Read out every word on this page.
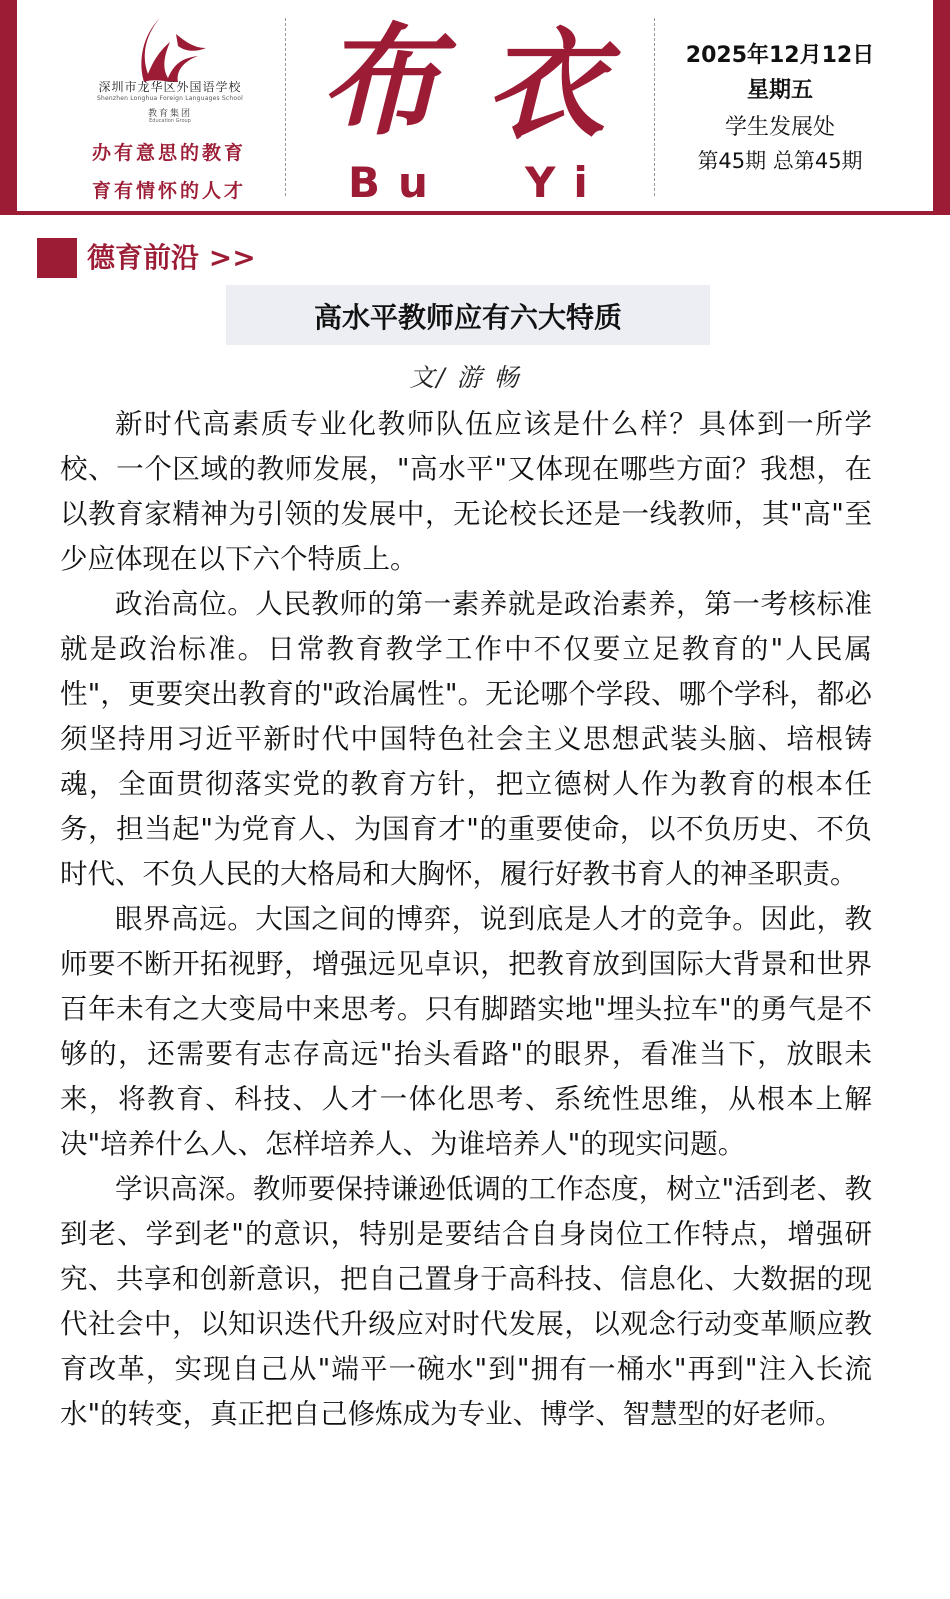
深圳市龙华区外国语学校
Shenzhen Longhua Foreign Languages School
教育集团
Education Group
办有意思的教育
育有情怀的人才
布 衣
Bu Yi
2025年12月12日
星期五
学生发展处
第45期 总第45期
德育前沿 >>
高水平教师应有六大特质
文/ 游 畅

新时代高素质专业化教师队伍应该是什么样？具体到一所学校、一个区域的教师发展，"高水平"又体现在哪些方面？我想，在以教育家精神为引领的发展中，无论校长还是一线教师，其"高"至少应体现在以下六个特质上。

政治高位。人民教师的第一素养就是政治素养，第一考核标准就是政治标准。日常教育教学工作中不仅要立足教育的"人民属性"，更要突出教育的"政治属性"。无论哪个学段、哪个学科，都必须坚持用习近平新时代中国特色社会主义思想武装头脑、培根铸魂，全面贯彻落实党的教育方针，把立德树人作为教育的根本任务，担当起"为党育人、为国育才"的重要使命，以不负历史、不负时代、不负人民的大格局和大胸怀，履行好教书育人的神圣职责。

眼界高远。大国之间的博弈，说到底是人才的竞争。因此，教师要不断开拓视野，增强远见卓识，把教育放到国际大背景和世界百年未有之大变局中来思考。只有脚踏实地"埋头拉车"的勇气是不够的，还需要有志存高远"抬头看路"的眼界，看准当下，放眼未来，将教育、科技、人才一体化思考、系统性思维，从根本上解决"培养什么人、怎样培养人、为谁培养人"的现实问题。

学识高深。教师要保持谦逊低调的工作态度，树立"活到老、教到老、学到老"的意识，特别是要结合自身岗位工作特点，增强研究、共享和创新意识，把自己置身于高科技、信息化、大数据的现代社会中，以知识迭代升级应对时代发展，以观念行动变革顺应教育改革，实现自己从"端平一碗水"到"拥有一桶水"再到"注入长流水"的转变，真正把自己修炼成为专业、博学、智慧型的好老师。
